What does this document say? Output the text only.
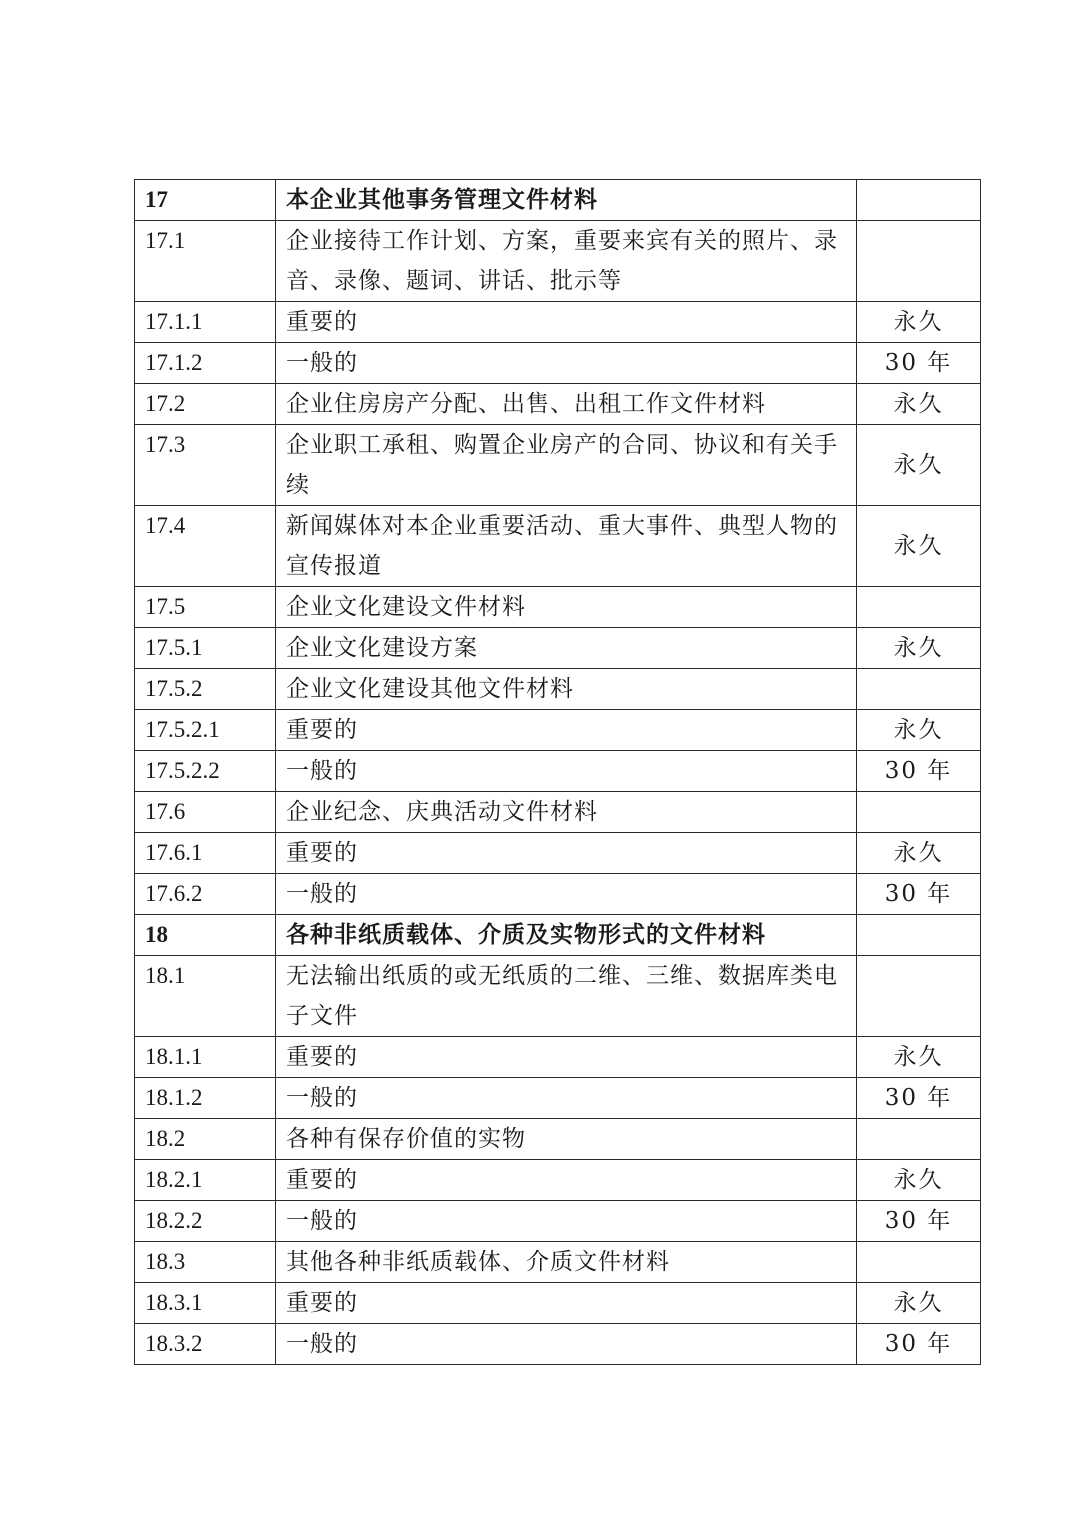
17	本企业其他事务管理文件材料	
17.1	企业接待工作计划、方案，重要来宾有关的照片、录音、录像、题词、讲话、批示等	
17.1.1	重要的	永久
17.1.2	一般的	30 年
17.2	企业住房房产分配、出售、出租工作文件材料	永久
17.3	企业职工承租、购置企业房产的合同、协议和有关手续	永久
17.4	新闻媒体对本企业重要活动、重大事件、典型人物的宣传报道	永久
17.5	企业文化建设文件材料	
17.5.1	企业文化建设方案	永久
17.5.2	企业文化建设其他文件材料	
17.5.2.1	重要的	永久
17.5.2.2	一般的	30 年
17.6	企业纪念、庆典活动文件材料	
17.6.1	重要的	永久
17.6.2	一般的	30 年
18	各种非纸质载体、介质及实物形式的文件材料	
18.1	无法输出纸质的或无纸质的二维、三维、数据库类电子文件	
18.1.1	重要的	永久
18.1.2	一般的	30 年
18.2	各种有保存价值的实物	
18.2.1	重要的	永久
18.2.2	一般的	30 年
18.3	其他各种非纸质载体、介质文件材料	
18.3.1	重要的	永久
18.3.2	一般的	30 年
